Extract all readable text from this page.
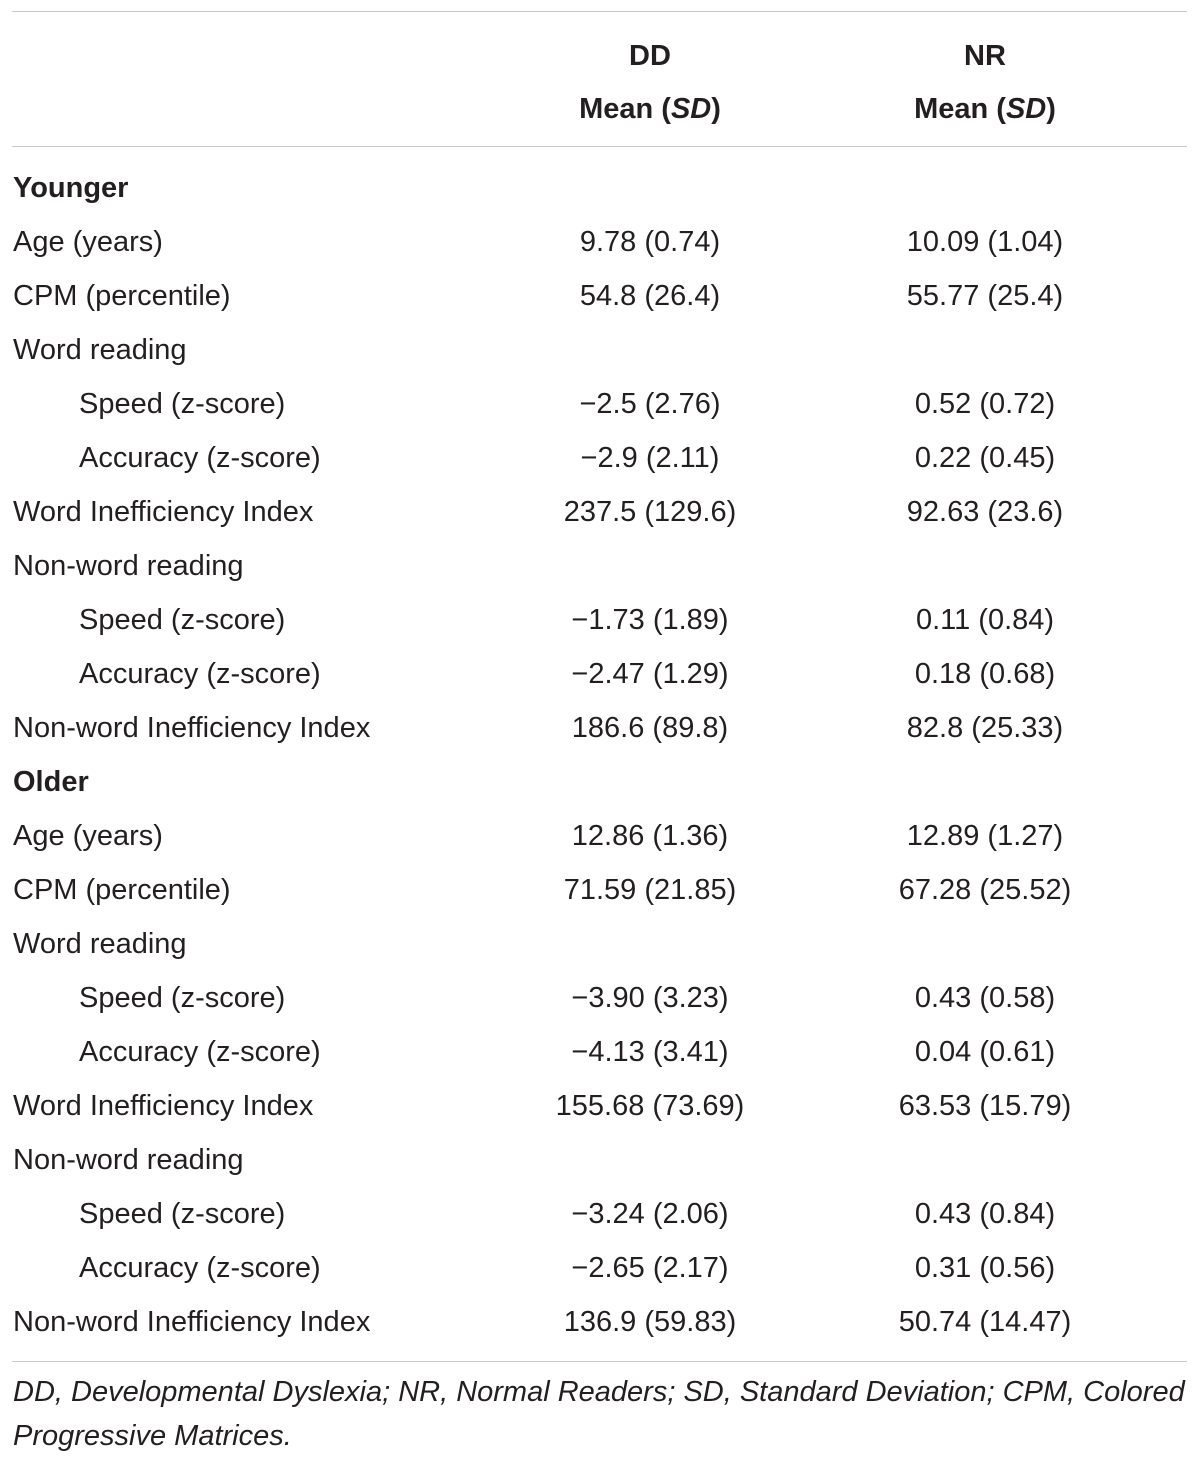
DD
Mean (SD)
NR
Mean (SD)
Younger
Age (years)	9.78 (0.74)	10.09 (1.04)
CPM (percentile)	54.8 (26.4)	55.77 (25.4)
Word reading
Speed (z-score)	−2.5 (2.76)	0.52 (0.72)
Accuracy (z-score)	−2.9 (2.11)	0.22 (0.45)
Word Inefficiency Index	237.5 (129.6)	92.63 (23.6)
Non-word reading
Speed (z-score)	−1.73 (1.89)	0.11 (0.84)
Accuracy (z-score)	−2.47 (1.29)	0.18 (0.68)
Non-word Inefficiency Index	186.6 (89.8)	82.8 (25.33)
Older
Age (years)	12.86 (1.36)	12.89 (1.27)
CPM (percentile)	71.59 (21.85)	67.28 (25.52)
Word reading
Speed (z-score)	−3.90 (3.23)	0.43 (0.58)
Accuracy (z-score)	−4.13 (3.41)	0.04 (0.61)
Word Inefficiency Index	155.68 (73.69)	63.53 (15.79)
Non-word reading
Speed (z-score)	−3.24 (2.06)	0.43 (0.84)
Accuracy (z-score)	−2.65 (2.17)	0.31 (0.56)
Non-word Inefficiency Index	136.9 (59.83)	50.74 (14.47)
DD, Developmental Dyslexia; NR, Normal Readers; SD, Standard Deviation; CPM, Colored Progressive Matrices.
